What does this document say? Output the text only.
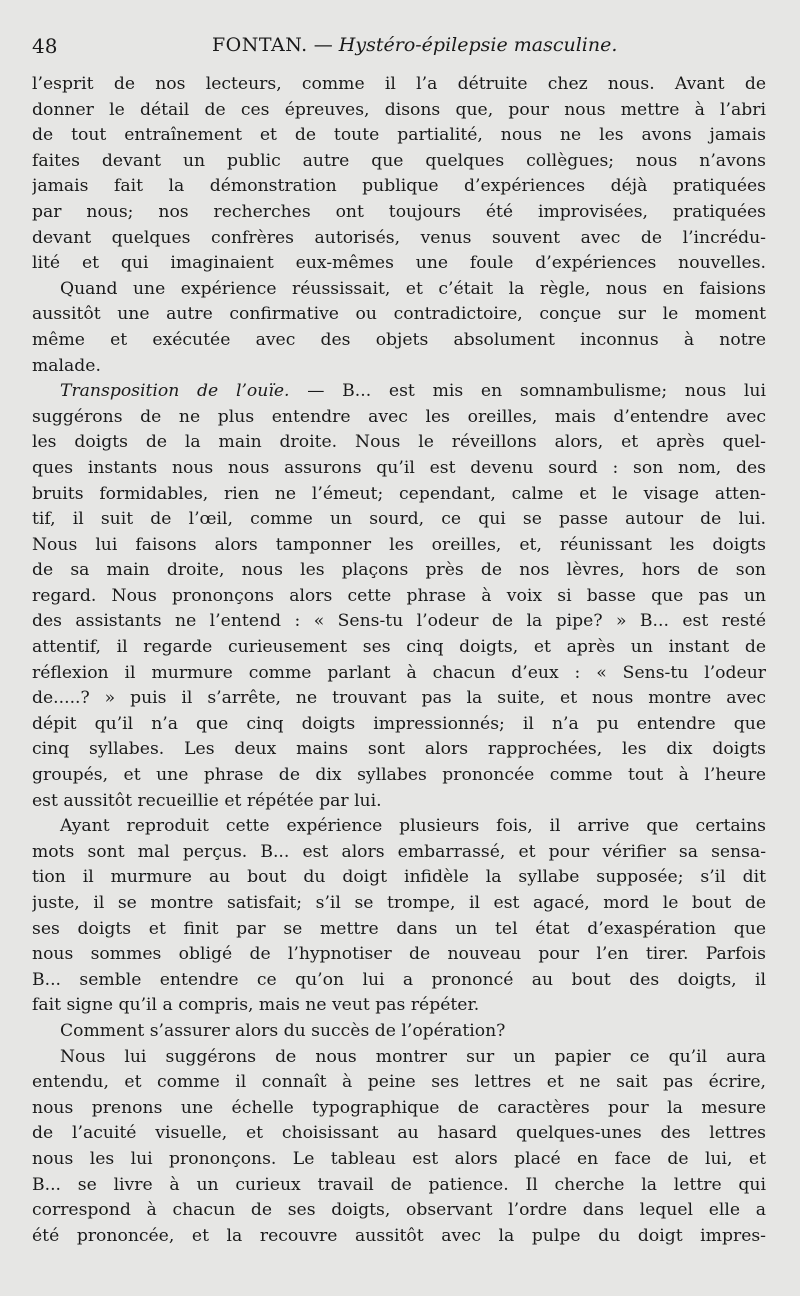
48	FONTAN. — Hystéro-épilepsie masculine.
l’esprit de nos lecteurs, comme il l’a détruite chez nous. Avant de
donner le détail de ces épreuves, disons que, pour nous mettre à l’abri
de tout entraînement et de toute partialité, nous ne les avons jamais
faites devant un public autre que quelques collègues; nous n’avons
jamais fait la démonstration publique d’expériences déjà pratiquées
par nous; nos recherches ont toujours été improvisées, pratiquées
devant quelques confrères autorisés, venus souvent avec de l’incrédu-
lité et qui imaginaient eux-mêmes une foule d’expériences nouvelles.
Quand une expérience réussissait, et c’était la règle, nous en faisions
aussitôt une autre confirmative ou contradictoire, conçue sur le moment
même et exécutée avec des objets absolument inconnus à notre
malade.
Transposition de l’ouïe. — B... est mis en somnambulisme; nous lui
suggérons de ne plus entendre avec les oreilles, mais d’entendre avec
les doigts de la main droite. Nous le réveillons alors, et après quel-
ques instants nous nous assurons qu’il est devenu sourd : son nom, des
bruits formidables, rien ne l’émeut; cependant, calme et le visage atten-
tif, il suit de l’œil, comme un sourd, ce qui se passe autour de lui.
Nous lui faisons alors tamponner les oreilles, et, réunissant les doigts
de sa main droite, nous les plaçons près de nos lèvres, hors de son
regard. Nous prononçons alors cette phrase à voix si basse que pas un
des assistants ne l’entend : « Sens-tu l’odeur de la pipe? » B... est resté
attentif, il regarde curieusement ses cinq doigts, et après un instant de
réflexion il murmure comme parlant à chacun d’eux : « Sens-tu l’odeur
de.....? » puis il s’arrête, ne trouvant pas la suite, et nous montre avec
dépit qu’il n’a que cinq doigts impressionnés; il n’a pu entendre que
cinq syllabes. Les deux mains sont alors rapprochées, les dix doigts
groupés, et une phrase de dix syllabes prononcée comme tout à l’heure
est aussitôt recueillie et répétée par lui.
Ayant reproduit cette expérience plusieurs fois, il arrive que certains
mots sont mal perçus. B... est alors embarrassé, et pour vérifier sa sensa-
tion il murmure au bout du doigt infidèle la syllabe supposée; s’il dit
juste, il se montre satisfait; s’il se trompe, il est agacé, mord le bout de
ses doigts et finit par se mettre dans un tel état d’exaspération que
nous sommes obligé de l’hypnotiser de nouveau pour l’en tirer. Parfois
B... semble entendre ce qu’on lui a prononcé au bout des doigts, il
fait signe qu’il a compris, mais ne veut pas répéter.
Comment s’assurer alors du succès de l’opération?
Nous lui suggérons de nous montrer sur un papier ce qu’il aura
entendu, et comme il connaît à peine ses lettres et ne sait pas écrire,
nous prenons une échelle typographique de caractères pour la mesure
de l’acuité visuelle, et choisissant au hasard quelques-unes des lettres
nous les lui prononçons. Le tableau est alors placé en face de lui, et
B... se livre à un curieux travail de patience. Il cherche la lettre qui
correspond à chacun de ses doigts, observant l’ordre dans lequel elle a
été prononcée, et la recouvre aussitôt avec la pulpe du doigt impres-
